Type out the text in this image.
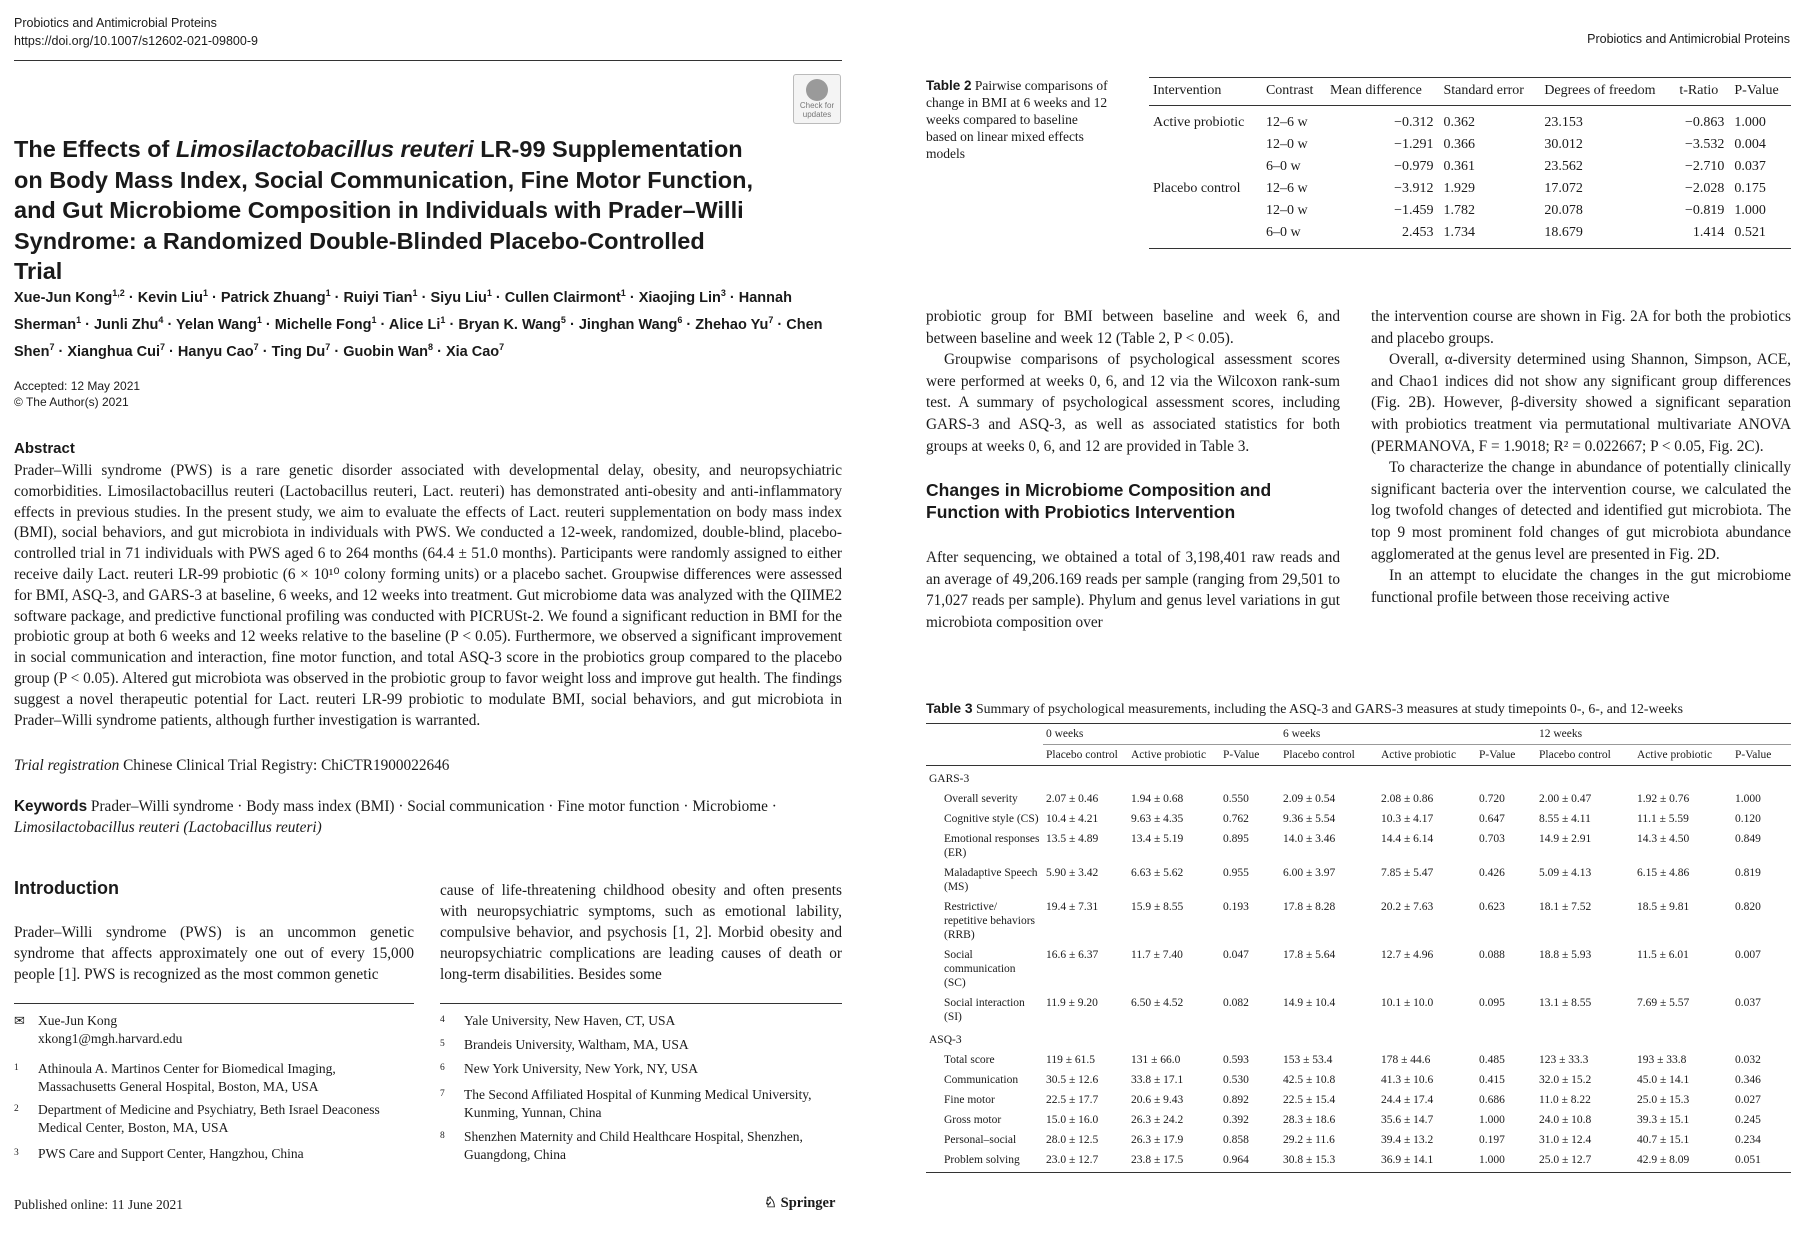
Probiotics and Antimicrobial Proteins
https://doi.org/10.1007/s12602-021-09800-9
Check for
updates
The Effects of Limosilactobacillus reuteri LR-99 Supplementation on Body Mass Index, Social Communication, Fine Motor Function, and Gut Microbiome Composition in Individuals with Prader–Willi Syndrome: a Randomized Double-Blinded Placebo-Controlled Trial
Xue-Jun Kong$^{1,2}$ · Kevin Liu$^1$ · Patrick Zhuang$^1$ · Ruiyi Tian$^1$ · Siyu Liu$^1$ · Cullen Clairmont$^1$ · Xiaojing Lin$^3$ · Hannah Sherman$^1$ · Junli Zhu$^4$ · Yelan Wang$^1$ · Michelle Fong$^1$ · Alice $Li^1$ · Bryan K. Wang$^5$ · Jinghan Wang$^6$ · Zhehao $Yu^7$ · Chen Shen$^7$ · Xianghua Cui$^7$ · Hanyu Cao$^7$ · Ting $Du^7$ · Guobin Wan$^8$ · Xia Cao$^7$
Accepted: 12 May 2021
© The Author(s) 2021
Abstract
Prader–Willi syndrome (PWS) is a rare genetic disorder associated with developmental delay, obesity, and neuropsychiatric comorbidities. Limosilactobacillus reuteri (Lactobacillus reuteri, Lact. reuteri) has demonstrated anti-obesity and anti-inflammatory effects in previous studies. In the present study, we aim to evaluate the effects of Lact. reuteri supplementation on body mass index (BMI), social behaviors, and gut microbiota in individuals with PWS. We conducted a 12-week, randomized, double-blind, placebo-controlled trial in 71 individuals with PWS aged 6 to 264 months (64.4 ± 51.0 months). Participants were randomly assigned to either receive daily Lact. reuteri LR-99 probiotic (6 × 10¹⁰ colony forming units) or a placebo sachet. Groupwise differences were assessed for BMI, ASQ-3, and GARS-3 at baseline, 6 weeks, and 12 weeks into treatment. Gut microbiome data was analyzed with the QIIME2 software package, and predictive functional profiling was conducted with PICRUSt-2. We found a significant reduction in BMI for the probiotic group at both 6 weeks and 12 weeks relative to the baseline (P < 0.05). Furthermore, we observed a significant improvement in social communication and interaction, fine motor function, and total ASQ-3 score in the probiotics group compared to the placebo group (P < 0.05). Altered gut microbiota was observed in the probiotic group to favor weight loss and improve gut health. The findings suggest a novel therapeutic potential for Lact. reuteri LR-99 probiotic to modulate BMI, social behaviors, and gut microbiota in Prader–Willi syndrome patients, although further investigation is warranted.
Trial registration Chinese Clinical Trial Registry: ChiCTR1900022646
Keywords Prader–Willi syndrome · Body mass index (BMI) · Social communication · Fine motor function · Microbiome · Limosilactobacillus reuteri (Lactobacillus reuteri)
Introduction
Prader–Willi syndrome (PWS) is an uncommon genetic syndrome that affects approximately one out of every 15,000 people [1]. PWS is recognized as the most common genetic
cause of life-threatening childhood obesity and often presents with neuropsychiatric symptoms, such as emotional lability, compulsive behavior, and psychosis [1, 2]. Morbid obesity and neuropsychiatric complications are leading causes of death or long-term disabilities. Besides some
✉ Xue-Jun Kong
xkong1@mgh.harvard.edu
1	Athinoula A. Martinos Center for Biomedical Imaging, Massachusetts General Hospital, Boston, MA, USA
2	Department of Medicine and Psychiatry, Beth Israel Deaconess Medical Center, Boston, MA, USA
3	PWS Care and Support Center, Hangzhou, China
4	Yale University, New Haven, CT, USA
5	Brandeis University, Waltham, MA, USA
6	New York University, New York, NY, USA
7	The Second Affiliated Hospital of Kunming Medical University, Kunming, Yunnan, China
8	Shenzhen Maternity and Child Healthcare Hospital, Shenzhen, Guangdong, China
Published online: 11 June 2021	♘ Springer
Probiotics and Antimicrobial Proteins
Table 2 Pairwise comparisons of change in BMI at 6 weeks and 12 weeks compared to baseline based on linear mixed effects models
Intervention	Contrast	Mean difference	Standard error	Degrees of freedom	t-Ratio	P-Value
Active probiotic	12–6 w	−0.312	0.362	23.153	−0.863	1.000
	12–0 w	−1.291	0.366	30.012	−3.532	0.004
	6–0 w	−0.979	0.361	23.562	−2.710	0.037
Placebo control	12–6 w	−3.912	1.929	17.072	−2.028	0.175
	12–0 w	−1.459	1.782	20.078	−0.819	1.000
	6–0 w	2.453	1.734	18.679	1.414	0.521

probiotic group for BMI between baseline and week 6, and between baseline and week 12 (Table 2, P < 0.05).

Groupwise comparisons of psychological assessment scores were performed at weeks 0, 6, and 12 via the Wilcoxon rank-sum test. A summary of psychological assessment scores, including GARS-3 and ASQ-3, as well as associated statistics for both groups at weeks 0, 6, and 12 are provided in Table 3.

Changes in Microbiome Composition and Function with Probiotics Intervention

After sequencing, we obtained a total of 3,198,401 raw reads and an average of 49,206.169 reads per sample (ranging from 29,501 to 71,027 reads per sample). Phylum and genus level variations in gut microbiota composition over

the intervention course are shown in Fig. 2A for both the probiotics and placebo groups.

Overall, α-diversity determined using Shannon, Simpson, ACE, and Chao1 indices did not show any significant group differences (Fig. 2B). However, β-diversity showed a significant separation with probiotics treatment via permutational multivariate ANOVA (PERMANOVA, F = 1.9018; R² = 0.022667; P < 0.05, Fig. 2C).

To characterize the change in abundance of potentially clinically significant bacteria over the intervention course, we calculated the log twofold changes of detected and identified gut microbiota. The top 9 most prominent fold changes of gut microbiota abundance agglomerated at the genus level are presented in Fig. 2D.

In an attempt to elucidate the changes in the gut microbiome functional profile between those receiving active

Table 3 Summary of psychological measurements, including the ASQ-3 and GARS-3 measures at study timepoints 0-, 6-, and 12-weeks
	0 weeks			6 weeks			12 weeks		
	Placebo control	Active probiotic	P-Value	Placebo control	Active probiotic	P-Value	Placebo control	Active probiotic	P-Value
GARS-3									
Overall severity	2.07 ± 0.46	1.94 ± 0.68	0.550	2.09 ± 0.54	2.08 ± 0.86	0.720	2.00 ± 0.47	1.92 ± 0.76	1.000
Cognitive style (CS)	10.4 ± 4.21	9.63 ± 4.35	0.762	9.36 ± 5.54	10.3 ± 4.17	0.647	8.55 ± 4.11	11.1 ± 5.59	0.120
Emotional responses (ER)	13.5 ± 4.89	13.4 ± 5.19	0.895	14.0 ± 3.46	14.4 ± 6.14	0.703	14.9 ± 2.91	14.3 ± 4.50	0.849
Maladaptive Speech (MS)	5.90 ± 3.42	6.63 ± 5.62	0.955	6.00 ± 3.97	7.85 ± 5.47	0.426	5.09 ± 4.13	6.15 ± 4.86	0.819
Restrictive/ repetitive behaviors (RRB)	19.4 ± 7.31	15.9 ± 8.55	0.193	17.8 ± 8.28	20.2 ± 7.63	0.623	18.1 ± 7.52	18.5 ± 9.81	0.820
Social communication (SC)	16.6 ± 6.37	11.7 ± 7.40	0.047	17.8 ± 5.64	12.7 ± 4.96	0.088	18.8 ± 5.93	11.5 ± 6.01	0.007
Social interaction (SI)	11.9 ± 9.20	6.50 ± 4.52	0.082	14.9 ± 10.4	10.1 ± 10.0	0.095	13.1 ± 8.55	7.69 ± 5.57	0.037
ASQ-3									
Total score	119 ± 61.5	131 ± 66.0	0.593	153 ± 53.4	178 ± 44.6	0.485	123 ± 33.3	193 ± 33.8	0.032
Communication	30.5 ± 12.6	33.8 ± 17.1	0.530	42.5 ± 10.8	41.3 ± 10.6	0.415	32.0 ± 15.2	45.0 ± 14.1	0.346
Fine motor	22.5 ± 17.7	20.6 ± 9.43	0.892	22.5 ± 15.4	24.4 ± 17.4	0.686	11.0 ± 8.22	25.0 ± 15.3	0.027
Gross motor	15.0 ± 16.0	26.3 ± 24.2	0.392	28.3 ± 18.6	35.6 ± 14.7	1.000	24.0 ± 10.8	39.3 ± 15.1	0.245
Personal–social	28.0 ± 12.5	26.3 ± 17.9	0.858	29.2 ± 11.6	39.4 ± 13.2	0.197	31.0 ± 12.4	40.7 ± 15.1	0.234
Problem solving	23.0 ± 12.7	23.8 ± 17.5	0.964	30.8 ± 15.3	36.9 ± 14.1	1.000	25.0 ± 12.7	42.9 ± 8.09	0.051
